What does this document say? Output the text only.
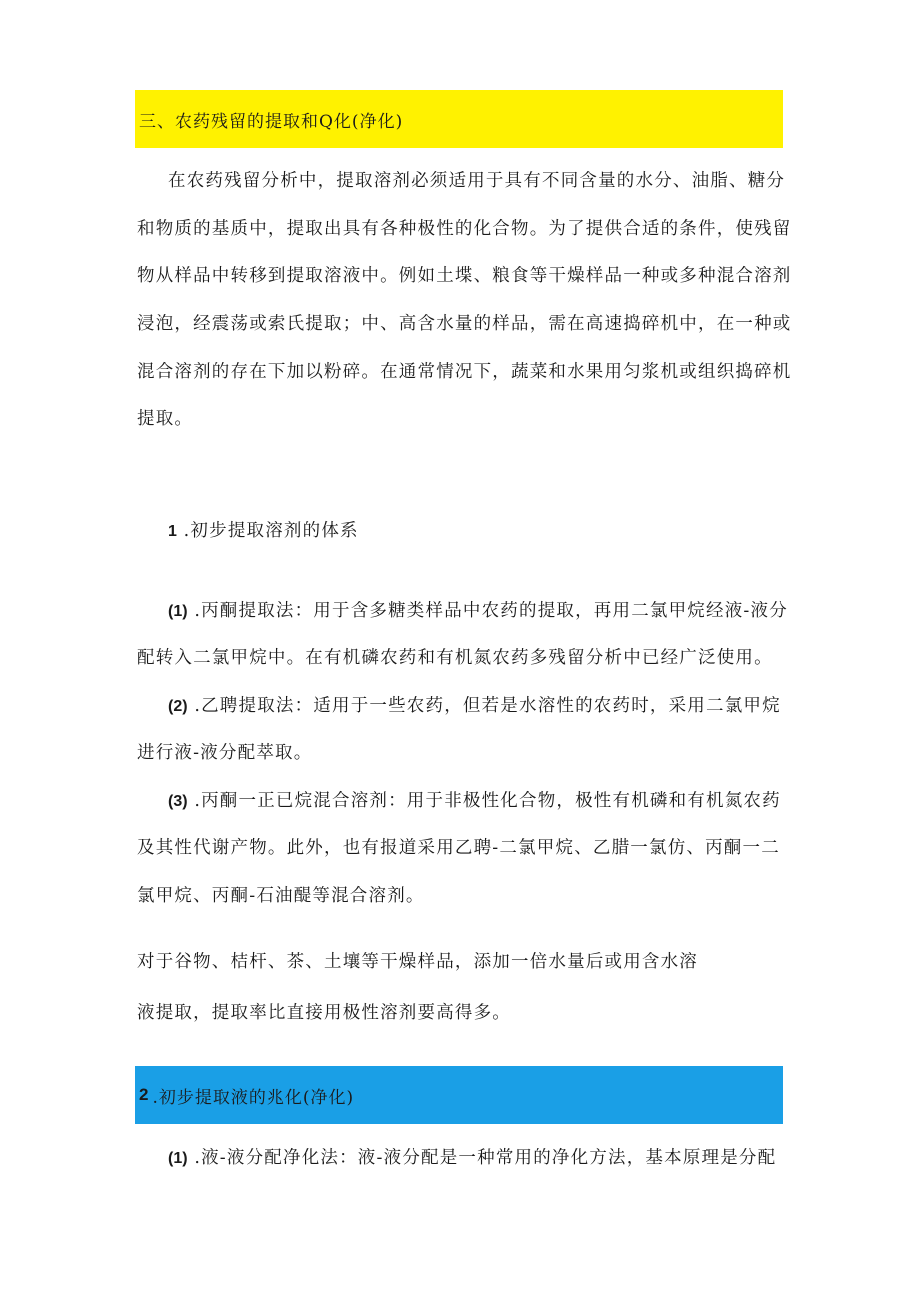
三、农药残留的提取和Q化(净化)
在农药残留分析中，提取溶剂必须适用于具有不同含量的水分、油脂、糖分
和物质的基质中，提取出具有各种极性的化合物。为了提供合适的条件，使残留
物从样品中转移到提取溶液中。例如土堞、粮食等干燥样品一种或多种混合溶剂
浸泡，经震荡或索氏提取；中、高含水量的样品，需在高速捣碎机中，在一种或
混合溶剂的存在下加以粉碎。在通常情况下，蔬菜和水果用匀浆机或组织捣碎机
提取。
1 .初步提取溶剂的体系
(1) .丙酮提取法：用于含多糖类样品中农药的提取，再用二氯甲烷经液-液分
配转入二氯甲烷中。在有机磷农药和有机氮农药多残留分析中已经广泛使用。
(2) .乙聘提取法：适用于一些农药，但若是水溶性的农药时，采用二氯甲烷
进行液-液分配萃取。
(3) .丙酮一正已烷混合溶剂：用于非极性化合物，极性有机磷和有机氮农药
及其性代谢产物。此外，也有报道采用乙聘-二氯甲烷、乙腊一氯仿、丙酮一二
氯甲烷、丙酮-石油醍等混合溶剂。
对于谷物、桔杆、茶、土壤等干燥样品，添加一倍水量后或用含水溶
液提取，提取率比直接用极性溶剂要高得多。
2 .初步提取液的兆化(净化)
(1) .液-液分配净化法：液-液分配是一种常用的净化方法，基本原理是分配
